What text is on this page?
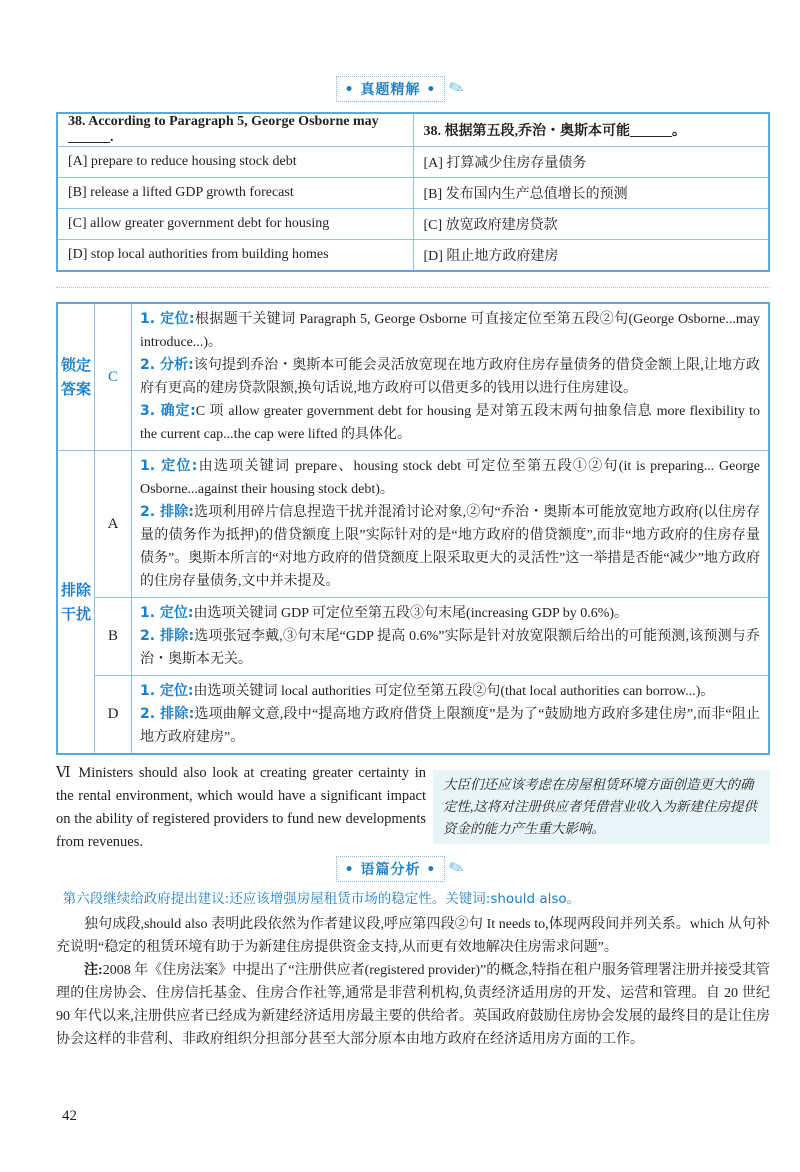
• 真题精解 • ✎
38. According to Paragraph 5, George Osborne may ______.	38. 根据第五段,乔治・奥斯本可能______。
[A] prepare to reduce housing stock debt	[A] 打算减少住房存量债务
[B] release a lifted GDP growth forecast	[B] 发布国内生产总值增长的预测
[C] allow greater government debt for housing	[C] 放宽政府建房贷款
[D] stop local authorities from building homes	[D] 阻止地方政府建房
锁定答案	C	1. 定位:根据题干关键词 Paragraph 5, George Osborne 可直接定位至第五段②句(George Osborne...may introduce...)。
2. 分析:该句提到乔治・奥斯本可能会灵活放宽现在地方政府住房存量债务的借贷金额上限,让地方政府有更高的建房贷款限额,换句话说,地方政府可以借更多的钱用以进行住房建设。
3. 确定:C 项 allow greater government debt for housing 是对第五段末两句抽象信息 more flexibility to the current cap...the cap were lifted 的具体化。

排除干扰	A	1. 定位:由选项关键词 prepare、housing stock debt 可定位至第五段①②句(it is preparing... George Osborne...against their housing stock debt)。
2. 排除:选项利用碎片信息捏造干扰并混淆讨论对象,②句“乔治・奥斯本可能放宽地方政府(以住房存量的债务作为抵押)的借贷额度上限”实际针对的是“地方政府的借贷额度”,而非“地方政府的住房存量债务”。奥斯本所言的“对地方政府的借贷额度上限采取更大的灵活性”这一举措是否能“减少”地方政府的住房存量债务,文中并未提及。

	B	1. 定位:由选项关键词 GDP 可定位至第五段③句末尾(increasing GDP by 0.6%)。
2. 排除:选项张冠李戴,③句末尾“GDP 提高 0.6%”实际是针对放宽限额后给出的可能预测,该预测与乔治・奥斯本无关。

	D	1. 定位:由选项关键词 local authorities 可定位至第五段②句(that local authorities can borrow...)。
2. 排除:选项曲解文意,段中“提高地方政府借贷上限额度”是为了“鼓励地方政府多建住房”,而非“阻止地方政府建房”。
Ⅵ Ministers should also look at creating greater certainty in the rental environment, which would have a significant impact on the ability of registered providers to fund new developments from revenues.
大臣们还应该考虑在房屋租赁环境方面创造更大的确定性,这将对注册供应者凭借营业收入为新建住房提供资金的能力产生重大影响。
• 语篇分析 • ✎

第六段继续给政府提出建议:还应该增强房屋租赁市场的稳定性。关键词:should also。

独句成段,should also 表明此段依然为作者建议段,呼应第四段②句 It needs to,体现两段间并列关系。which 从句补充说明“稳定的租赁环境有助于为新建住房提供资金支持,从而更有效地解决住房需求问题”。

注:2008 年《住房法案》中提出了“注册供应者(registered provider)”的概念,特指在租户服务管理署注册并接受其管理的住房协会、住房信托基金、住房合作社等,通常是非营利机构,负责经济适用房的开发、运营和管理。自 20 世纪 90 年代以来,注册供应者已经成为新建经济适用房最主要的供给者。英国政府鼓励住房协会发展的最终目的是让住房协会这样的非营利、非政府组织分担部分甚至大部分原本由地方政府在经济适用房方面的工作。

42
